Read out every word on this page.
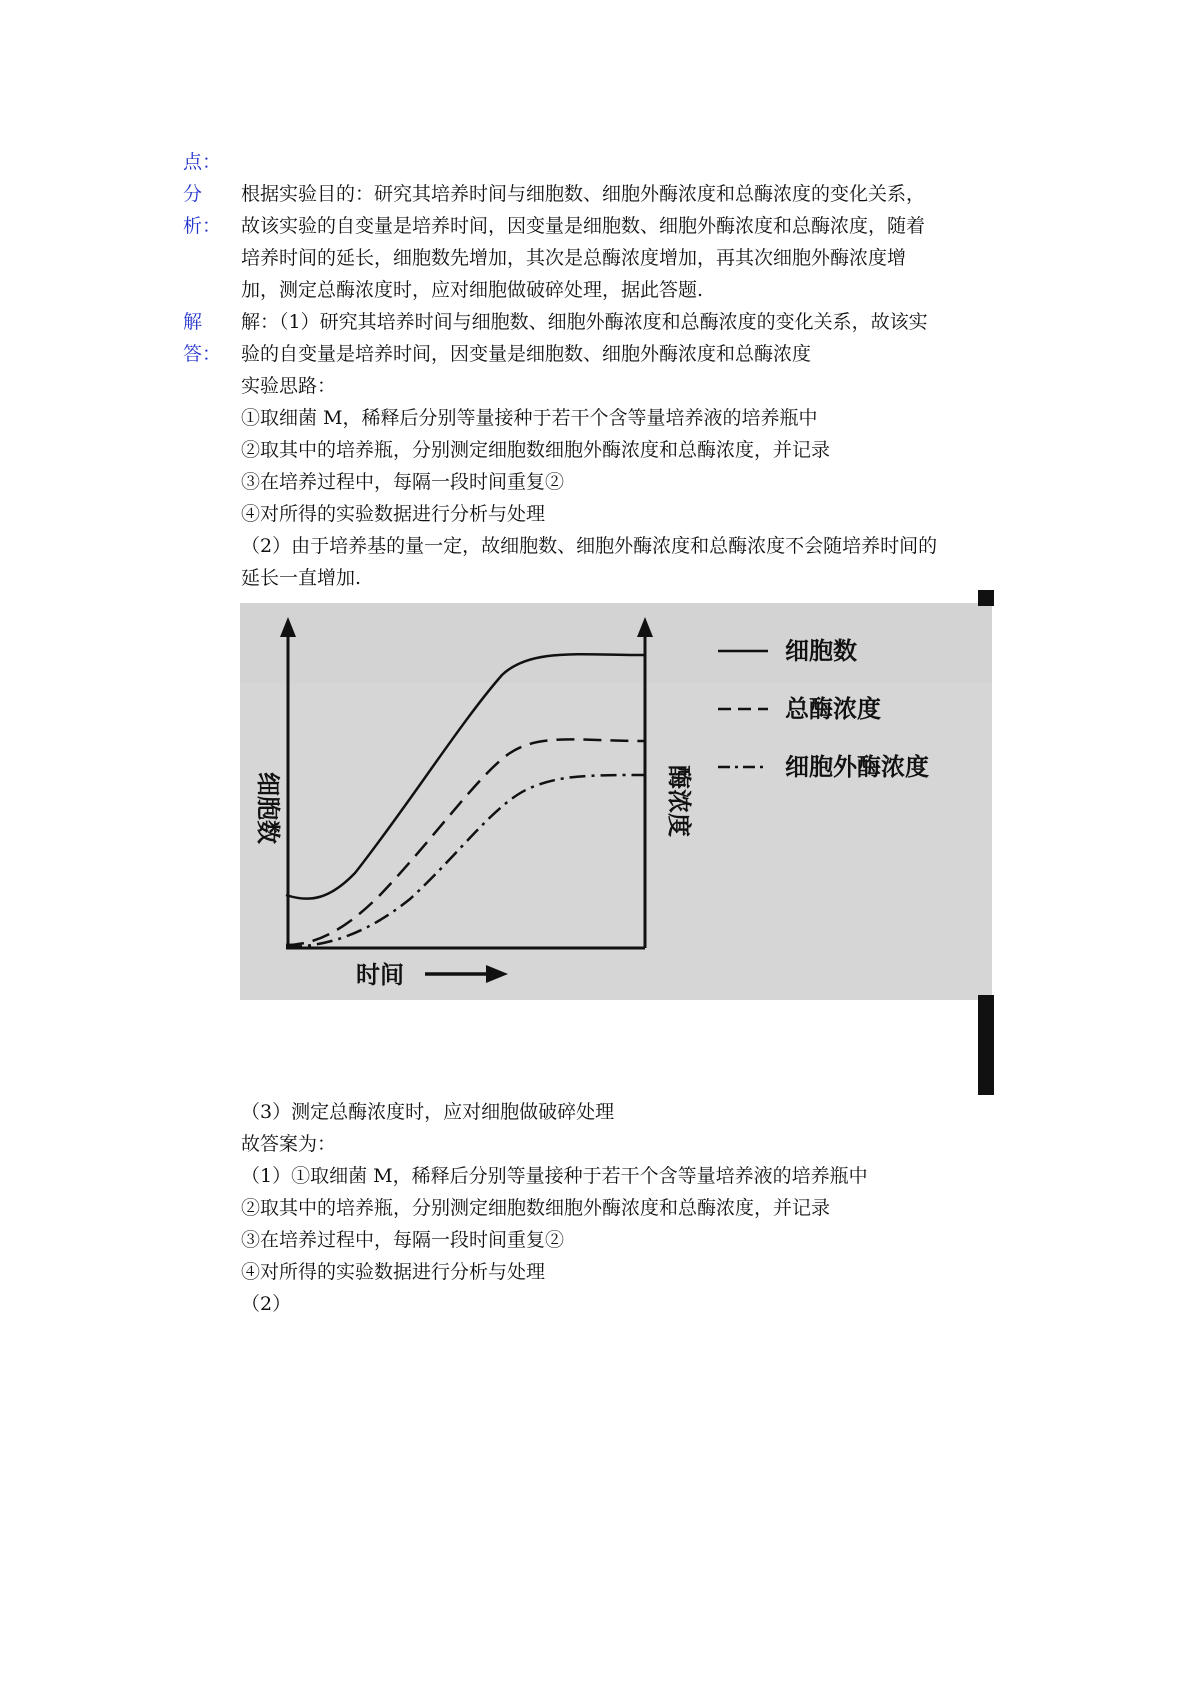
点：
分
析：
根据实验目的：研究其培养时间与细胞数、细胞外酶浓度和总酶浓度的变化关系，
故该实验的自变量是培养时间，因变量是细胞数、细胞外酶浓度和总酶浓度，随着
培养时间的延长，细胞数先增加，其次是总酶浓度增加，再其次细胞外酶浓度增
加，测定总酶浓度时，应对细胞做破碎处理，据此答题.
解
答：
解：（1）研究其培养时间与细胞数、细胞外酶浓度和总酶浓度的变化关系，故该实
验的自变量是培养时间，因变量是细胞数、细胞外酶浓度和总酶浓度
实验思路：
①取细菌 M，稀释后分别等量接种于若干个含等量培养液的培养瓶中
②取其中的培养瓶，分别测定细胞数细胞外酶浓度和总酶浓度，并记录
③在培养过程中，每隔一段时间重复②
④对所得的实验数据进行分析与处理
（2）由于培养基的量一定，故细胞数、细胞外酶浓度和总酶浓度不会随培养时间的
延长一直增加.
细胞数	酶浓度
时间
细胞数
总酶浓度
细胞外酶浓度
（3）测定总酶浓度时，应对细胞做破碎处理
故答案为：
（1）①取细菌 M，稀释后分别等量接种于若干个含等量培养液的培养瓶中
②取其中的培养瓶，分别测定细胞数细胞外酶浓度和总酶浓度，并记录
③在培养过程中，每隔一段时间重复②
④对所得的实验数据进行分析与处理
（2）
